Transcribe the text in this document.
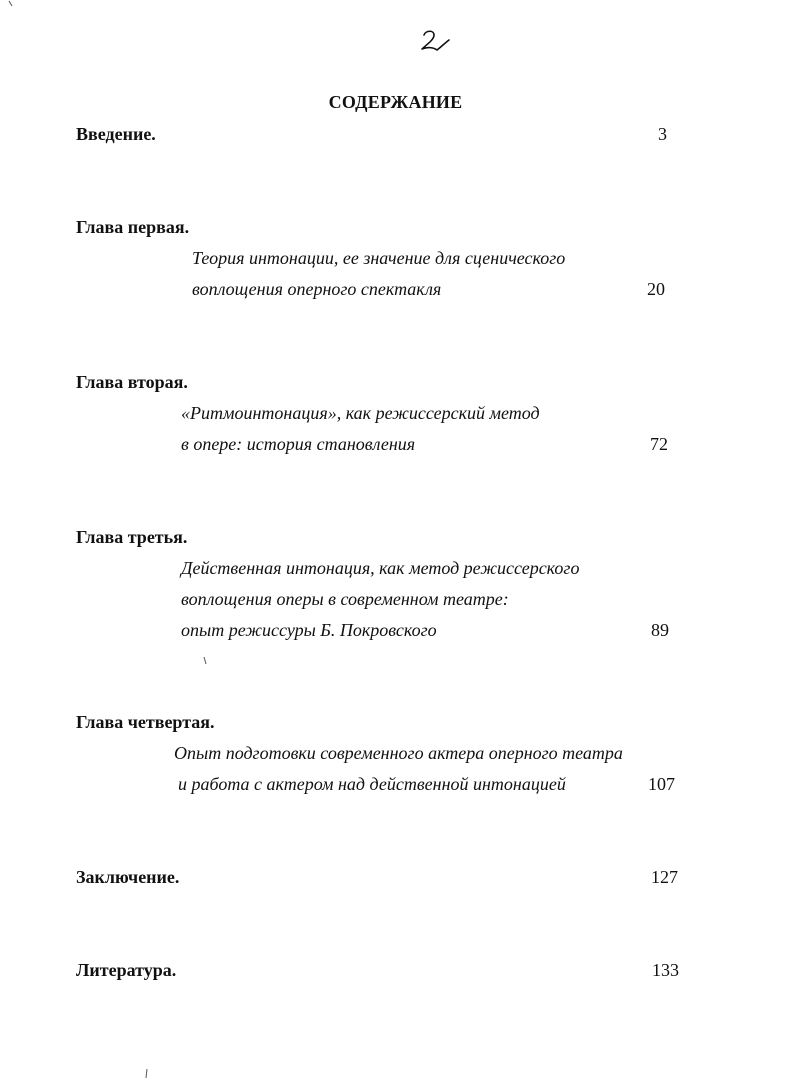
СОДЕРЖАНИЕ
Введение.	3
Глава первая.
Теория интонации, ее значение для сценического
воплощения оперного спектакля	20
Глава вторая.
«Ритмоинтонация», как режиссерский метод
в опере: история становления	72
Глава третья.
Действенная интонация, как метод режиссерского
воплощения оперы в современном театре:
опыт режиссуры Б. Покровского	89
Глава четвертая.
Опыт подготовки современного актера оперного театра
и работа с актером над действенной интонацией	107
Заключение.	127
Литература.	133
